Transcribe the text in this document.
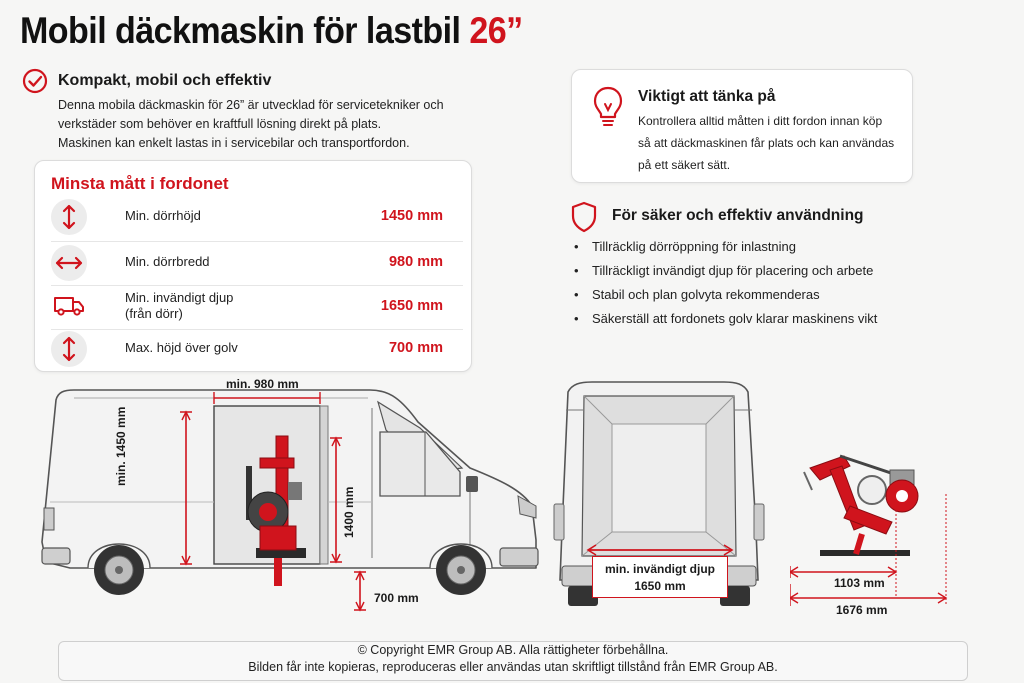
Mobil däckmaskin för lastbil 26”
Kompakt, mobil och effektiv
Denna mobila däckmaskin för 26” är utvecklad för servicetekniker och
verkstäder som behöver en kraftfull lösning direkt på plats.
Maskinen kan enkelt lastas in i servicebilar och transportfordon.
Minsta mått i fordonet
Min. dörrhöjd	1450 mm
Min. dörrbredd	980 mm
Min. invändigt djup
(från dörr)	1650 mm
Max. höjd över golv	700 mm
Viktigt att tänka på
Kontrollera alltid måtten i ditt fordon innan köp
så att däckmaskinen får plats och kan användas
på ett säkert sätt.
För säker och effektiv användning
• Tillräcklig dörröppning för inlastning
• Tillräckligt invändigt djup för placering och arbete
• Stabil och plan golvyta rekommenderas
• Säkerställ att fordonets golv klarar maskinens vikt
min. 980 mm
min. 1450 mm
1400 mm
700 mm
min. invändigt djup
1650 mm	1103 mm
1676 mm
© Copyright EMR Group AB. Alla rättigheter förbehållna.
Bilden får inte kopieras, reproduceras eller användas utan skriftligt tillstånd från EMR Group AB.
